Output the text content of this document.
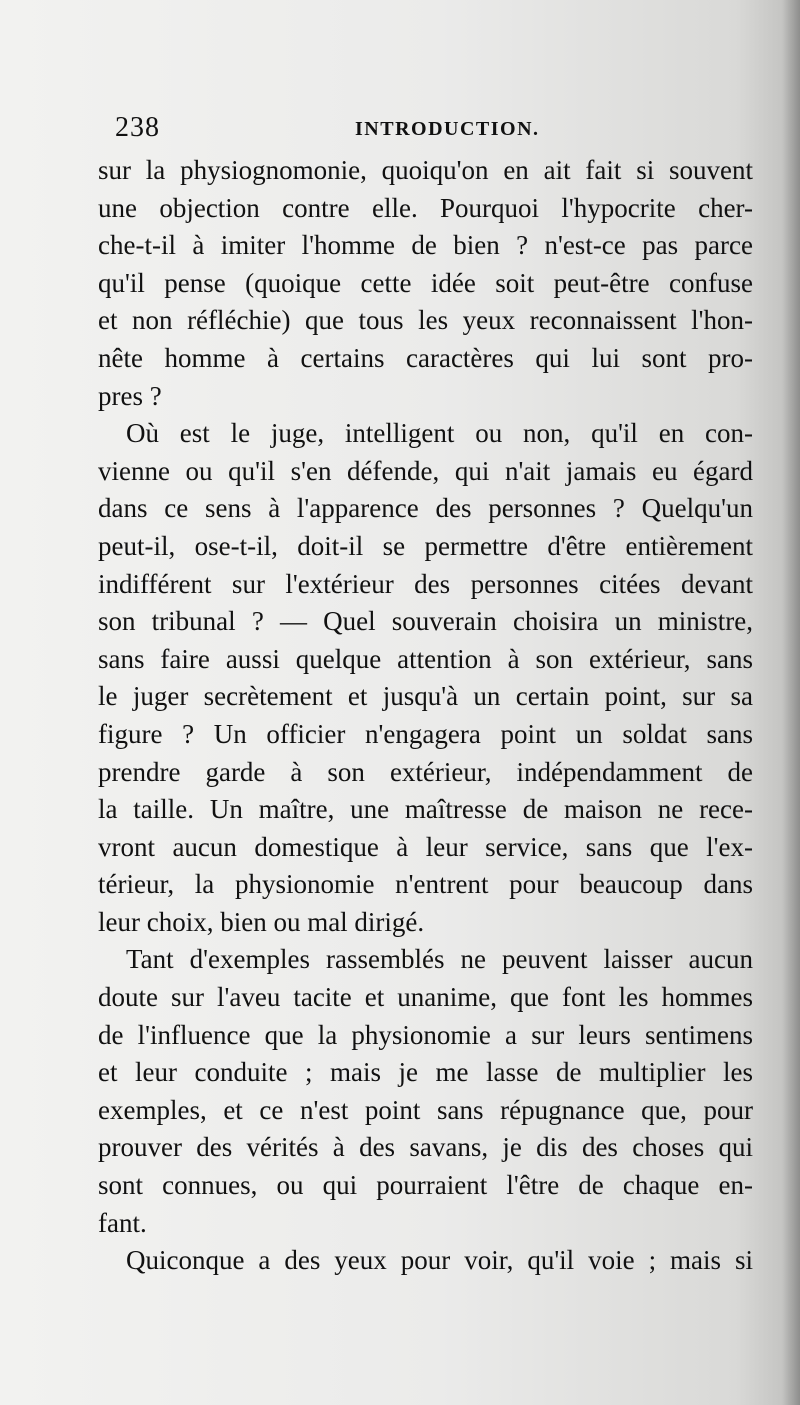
238	INTRODUCTION.
sur la physiognomonie, quoiqu'on en ait fait si souvent
une objection contre elle. Pourquoi l'hypocrite cher-
che-t-il à imiter l'homme de bien ? n'est-ce pas parce
qu'il pense (quoique cette idée soit peut-être confuse
et non réfléchie) que tous les yeux reconnaissent l'hon-
nête homme à certains caractères qui lui sont pro-
pres ?
Où est le juge, intelligent ou non, qu'il en con-
vienne ou qu'il s'en défende, qui n'ait jamais eu égard
dans ce sens à l'apparence des personnes ? Quelqu'un
peut-il, ose-t-il, doit-il se permettre d'être entièrement
indifférent sur l'extérieur des personnes citées devant
son tribunal ? — Quel souverain choisira un ministre,
sans faire aussi quelque attention à son extérieur, sans
le juger secrètement et jusqu'à un certain point, sur sa
figure ? Un officier n'engagera point un soldat sans
prendre garde à son extérieur, indépendamment de
la taille. Un maître, une maîtresse de maison ne rece-
vront aucun domestique à leur service, sans que l'ex-
térieur, la physionomie n'entrent pour beaucoup dans
leur choix, bien ou mal dirigé.
Tant d'exemples rassemblés ne peuvent laisser aucun
doute sur l'aveu tacite et unanime, que font les hommes
de l'influence que la physionomie a sur leurs sentimens
et leur conduite ; mais je me lasse de multiplier les
exemples, et ce n'est point sans répugnance que, pour
prouver des vérités à des savans, je dis des choses qui
sont connues, ou qui pourraient l'être de chaque en-
fant.
Quiconque a des yeux pour voir, qu'il voie ; mais si
